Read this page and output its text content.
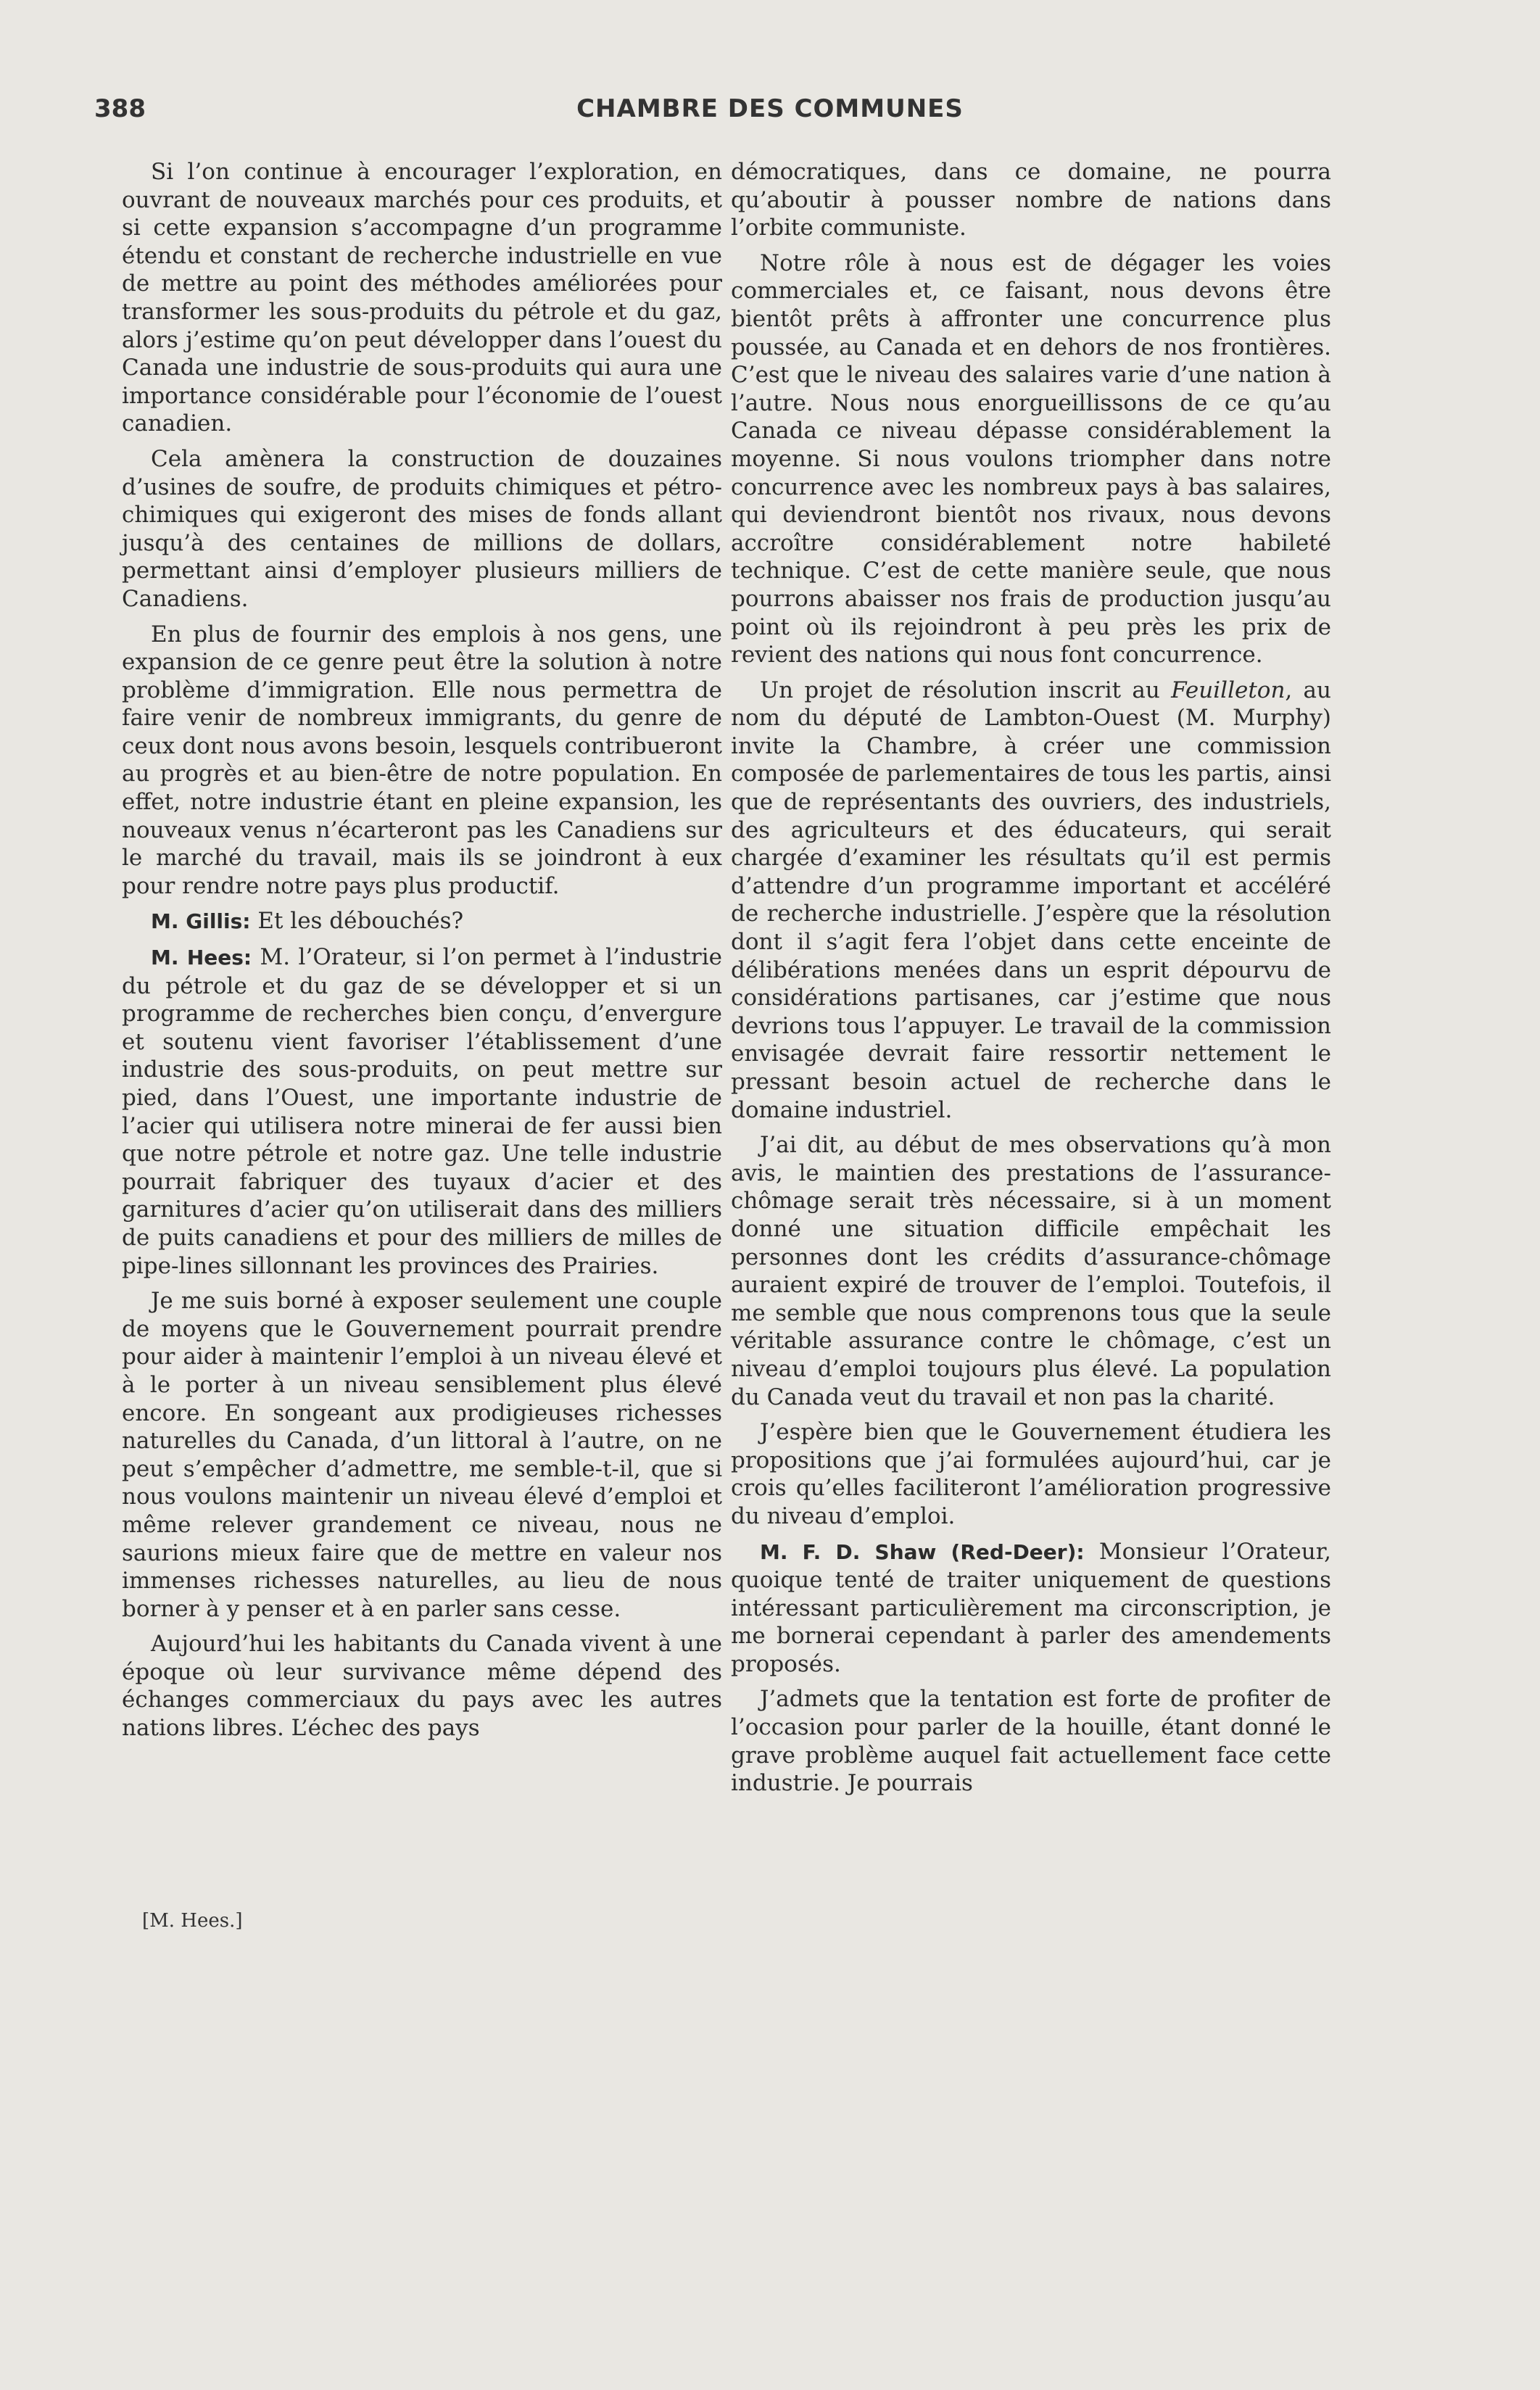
388	CHAMBRE DES COMMUNES

Si l’on continue à encourager l’exploration, en ouvrant de nouveaux marchés pour ces produits, et si cette expansion s’accompagne d’un programme étendu et constant de recherche industrielle en vue de mettre au point des méthodes améliorées pour transformer les sous-produits du pétrole et du gaz, alors j’estime qu’on peut développer dans l’ouest du Canada une industrie de sous-produits qui aura une importance considérable pour l’économie de l’ouest canadien.

Cela amènera la construction de douzaines d’usines de soufre, de produits chimiques et pétro-chimiques qui exigeront des mises de fonds allant jusqu’à des centaines de millions de dollars, permettant ainsi d’employer plusieurs milliers de Canadiens.

En plus de fournir des emplois à nos gens, une expansion de ce genre peut être la solution à notre problème d’immigration. Elle nous permettra de faire venir de nombreux immigrants, du genre de ceux dont nous avons besoin, lesquels contribueront au progrès et au bien-être de notre population. En effet, notre industrie étant en pleine expansion, les nouveaux venus n’écarteront pas les Canadiens sur le marché du travail, mais ils se joindront à eux pour rendre notre pays plus productif.

M. Gillis: Et les débouchés?

M. Hees: M. l’Orateur, si l’on permet à l’industrie du pétrole et du gaz de se développer et si un programme de recherches bien conçu, d’envergure et soutenu vient favoriser l’établissement d’une industrie des sous-produits, on peut mettre sur pied, dans l’Ouest, une importante industrie de l’acier qui utilisera notre minerai de fer aussi bien que notre pétrole et notre gaz. Une telle industrie pourrait fabriquer des tuyaux d’acier et des garnitures d’acier qu’on utiliserait dans des milliers de puits canadiens et pour des milliers de milles de pipe-lines sillonnant les provinces des Prairies.

Je me suis borné à exposer seulement une couple de moyens que le Gouvernement pourrait prendre pour aider à maintenir l’emploi à un niveau élevé et à le porter à un niveau sensiblement plus élevé encore. En songeant aux prodigieuses richesses naturelles du Canada, d’un littoral à l’autre, on ne peut s’empêcher d’admettre, me semble-t-il, que si nous voulons maintenir un niveau élevé d’emploi et même relever grandement ce niveau, nous ne saurions mieux faire que de mettre en valeur nos immenses richesses naturelles, au lieu de nous borner à y penser et à en parler sans cesse.

Aujourd’hui les habitants du Canada vivent à une époque où leur survivance même dépend des échanges commerciaux du pays avec les autres nations libres. L’échec des pays

démocratiques, dans ce domaine, ne pourra qu’aboutir à pousser nombre de nations dans l’orbite communiste.

Notre rôle à nous est de dégager les voies commerciales et, ce faisant, nous devons être bientôt prêts à affronter une concurrence plus poussée, au Canada et en dehors de nos frontières. C’est que le niveau des salaires varie d’une nation à l’autre. Nous nous enorgueillissons de ce qu’au Canada ce niveau dépasse considérablement la moyenne. Si nous voulons triompher dans notre concurrence avec les nombreux pays à bas salaires, qui deviendront bientôt nos rivaux, nous devons accroître considérablement notre habileté technique. C’est de cette manière seule, que nous pourrons abaisser nos frais de production jusqu’au point où ils rejoindront à peu près les prix de revient des nations qui nous font concurrence.

Un projet de résolution inscrit au Feuilleton, au nom du député de Lambton-Ouest (M. Murphy) invite la Chambre, à créer une commission composée de parlementaires de tous les partis, ainsi que de représentants des ouvriers, des industriels, des agriculteurs et des éducateurs, qui serait chargée d’examiner les résultats qu’il est permis d’attendre d’un programme important et accéléré de recherche industrielle. J’espère que la résolution dont il s’agit fera l’objet dans cette enceinte de délibérations menées dans un esprit dépourvu de considérations partisanes, car j’estime que nous devrions tous l’appuyer. Le travail de la commission envisagée devrait faire ressortir nettement le pressant besoin actuel de recherche dans le domaine industriel.

J’ai dit, au début de mes observations qu’à mon avis, le maintien des prestations de l’assurance-chômage serait très nécessaire, si à un moment donné une situation difficile empêchait les personnes dont les crédits d’assurance-chômage auraient expiré de trouver de l’emploi. Toutefois, il me semble que nous comprenons tous que la seule véritable assurance contre le chômage, c’est un niveau d’emploi toujours plus élevé. La population du Canada veut du travail et non pas la charité.

J’espère bien que le Gouvernement étudiera les propositions que j’ai formulées aujourd’hui, car je crois qu’elles faciliteront l’amélioration progressive du niveau d’emploi.

M. F. D. Shaw (Red-Deer): Monsieur l’Orateur, quoique tenté de traiter uniquement de questions intéressant particulièrement ma circonscription, je me bornerai cependant à parler des amendements proposés.

J’admets que la tentation est forte de profiter de l’occasion pour parler de la houille, étant donné le grave problème auquel fait actuellement face cette industrie. Je pourrais

[M. Hees.]
